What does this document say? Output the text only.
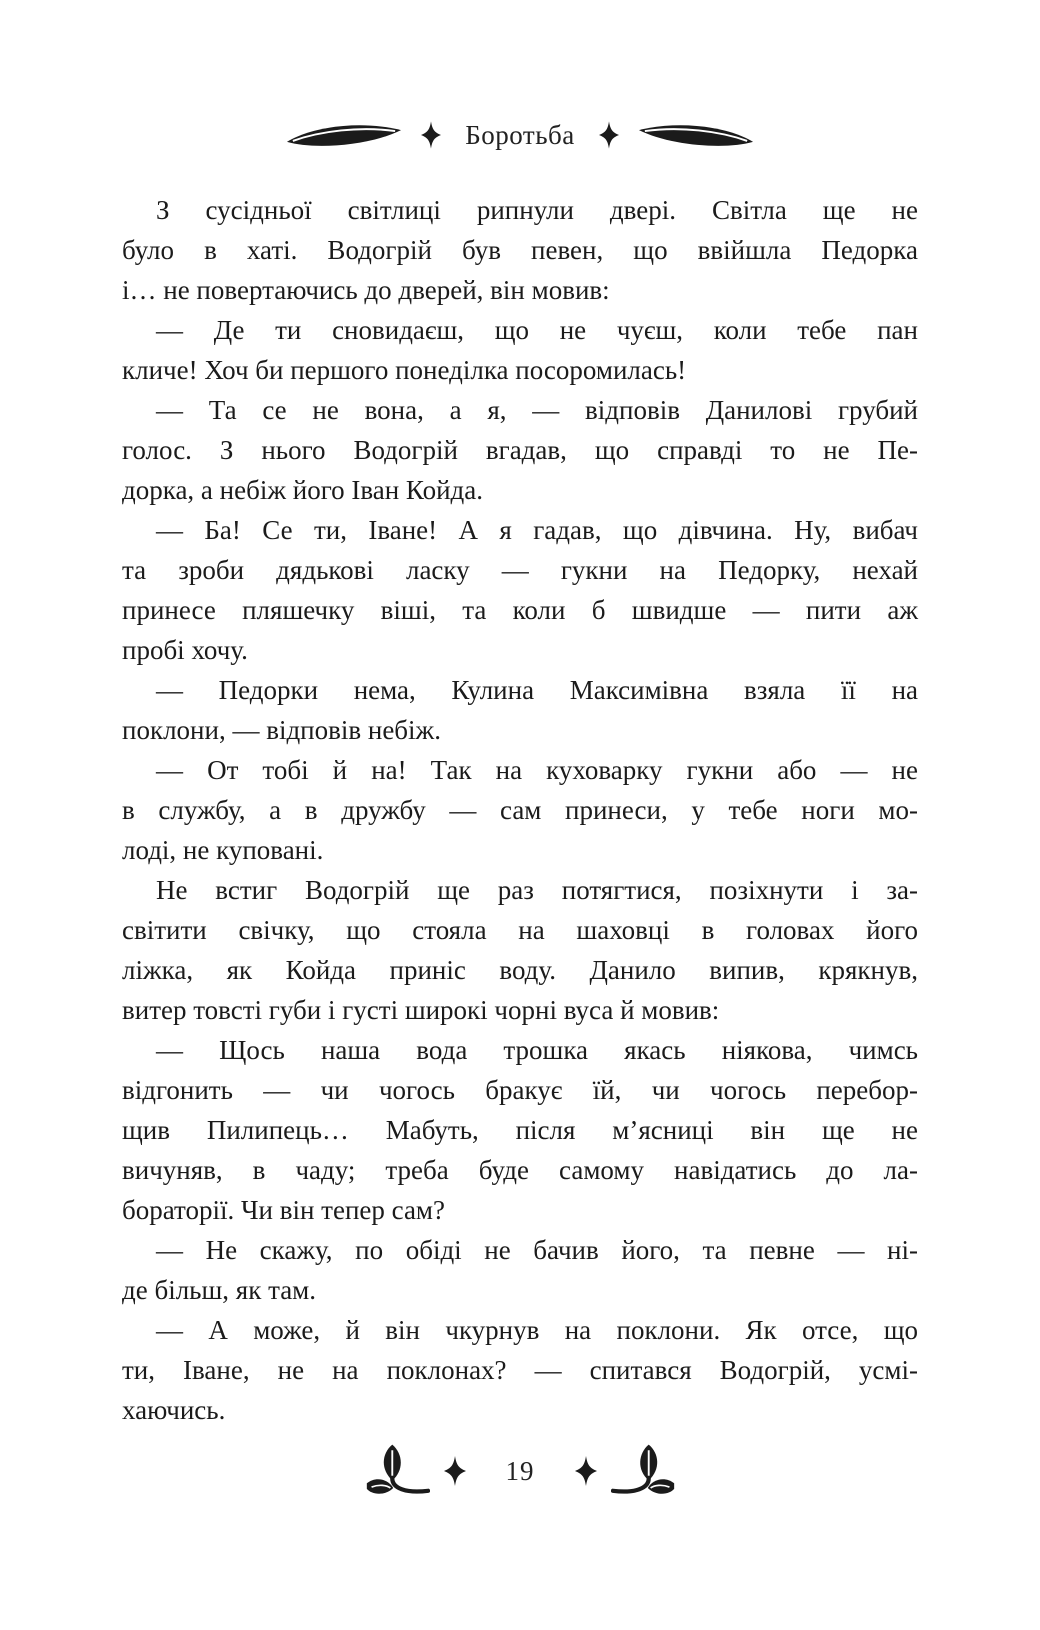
Боротьба
З сусідньої світлиці рипнули двері. Світла ще не
було в хаті. Водогрій був певен, що ввійшла Педорка
і… не повертаючись до дверей, він мовив:
— Де ти сновидаєш, що не чуєш, коли тебе пан
кличе! Хоч би першого понеділка посоромилась!
— Та се не вона, а я, — відповів Данилові грубий
голос. З нього Водогрій вгадав, що справді то не Пе-
дорка, а небіж його Іван Койда.
— Ба! Се ти, Іване! А я гадав, що дівчина. Ну, вибач
та зроби дядькові ласку — гукни на Педорку, нехай
принесе пляшечку віші, та коли б швидше — пити аж
пробі хочу.
— Педорки нема, Кулина Максимівна взяла її на
поклони, — відповів небіж.
— От тобі й на! Так на куховарку гукни або — не
в службу, а в дружбу — сам принеси, у тебе ноги мо-
лоді, не куповані.
Не встиг Водогрій ще раз потягтися, позіхнути і за-
світити свічку, що стояла на шаховці в головах його
ліжка, як Койда приніс воду. Данило випив, крякнув,
витер товсті губи і густі широкі чорні вуса й мовив:
— Щось наша вода трошка якась ніякова, чимсь
відгонить — чи чогось бракує їй, чи чогось перебор-
щив Пилипець… Мабуть, після м’ясниці він ще не
вичуняв, в чаду; треба буде самому навідатись до ла-
бораторії. Чи він тепер сам?
— Не скажу, по обіді не бачив його, та певне — ні-
де більш, як там.
— А може, й він чкурнув на поклони. Як отсе, що
ти, Іване, не на поклонах? — спитався Водогрій, усмі-
хаючись.
19
